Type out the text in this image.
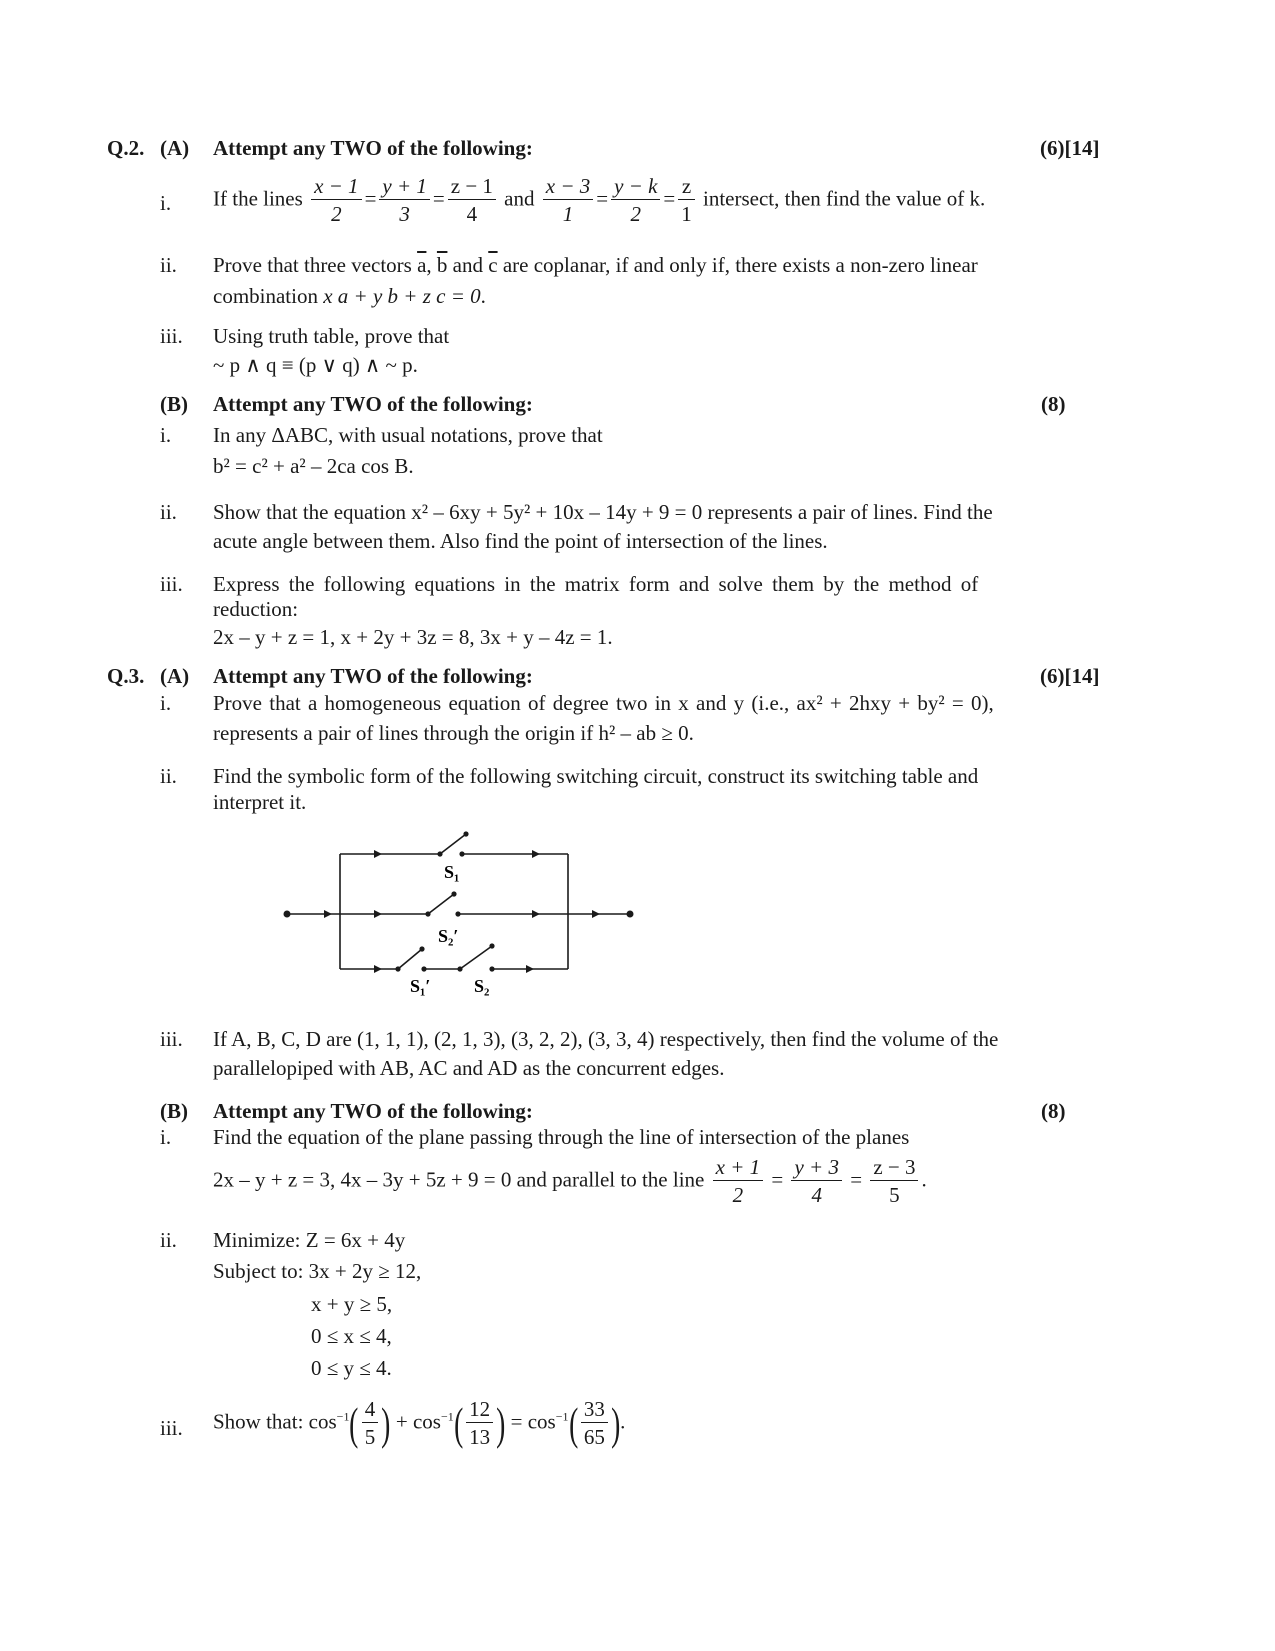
Q.2. (A) Attempt any TWO of the following:	(6)[14]
i. If the lines $\frac{x - 1}{2} = \frac{y + 1}{3} = \frac{z - 1}{4}$ and $\frac{x - 3}{1} = \frac{y - k}{2} = \frac{z}{1}$ intersect, then find the value of k.
ii. Prove that three vectors $\overline{a}$, $\overline{b}$ and $\overline{c}$ are coplanar, if and only if, there exists a non-zero linear
combination x a + y b + z c = 0.
iii. Using truth table, prove that
~ p ∧ q ≡ (p ∨ q) ∧ ~ p.
(B) Attempt any TWO of the following:	(8)
i. In any ΔABC, with usual notations, prove that
b² = c² + a² – 2ca cos B.
ii. Show that the equation x² – 6xy + 5y² + 10x – 14y + 9 = 0 represents a pair of lines. Find the
acute angle between them. Also find the point of intersection of the lines.
iii. Express the following equations in the matrix form and solve them by the method of
reduction:
2x – y + z = 1, x + 2y + 3z = 8, 3x + y – 4z = 1.
Q.3. (A) Attempt any TWO of the following:	(6)[14]
i. Prove that a homogeneous equation of degree two in x and y (i.e., ax² + 2hxy + by² = 0),
represents a pair of lines through the origin if h² – ab ≥ 0.
ii. Find the symbolic form of the following switching circuit, construct its switching table and
interpret it.
S₁
S₂′
S₁′ S₂
iii. If A, B, C, D are (1, 1, 1), (2, 1, 3), (3, 2, 2), (3, 3, 4) respectively, then find the volume of the
parallelopiped with AB, AC and AD as the concurrent edges.
(B) Attempt any TWO of the following:	(8)
i. Find the equation of the plane passing through the line of intersection of the planes
2x – y + z = 3, 4x – 3y + 5z + 9 = 0 and parallel to the line $\frac{x + 1}{2} = \frac{y + 3}{4} = \frac{z - 3}{5}$ .
ii. Minimize: Z = 6x + 4y
Subject to: 3x + 2y ≥ 12,
x + y ≥ 5,
0 ≤ x ≤ 4,
0 ≤ y ≤ 4.
iii. Show that: $\cos^{-1}( \frac{4}{5}$ ) + $\cos^{-1}( \frac{12}{13}$ ) = $\cos^{-1}( \frac{33}{65}$ ).
